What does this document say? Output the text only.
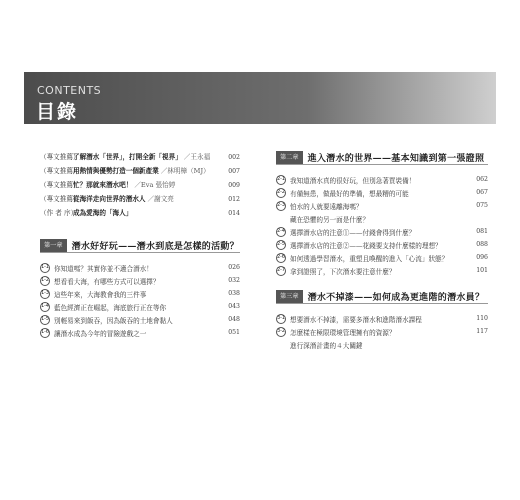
CONTENTS
目錄
（專文推薦）
了解潛水「世界」，打開全新「視界」 ／王永福	002
（專文推薦）
用熱情與優勢打造一個新產業 ／林明樟（MJ）	007
（專文推薦）
忙？那就來潛水吧！ ／Eva 張怡婷	009
（專文推薦）
從海洋走向世界的潛水人 ／謝文亮	012
（作 者 序）
成為愛海的「海人」	014
第一章	潛水好好玩——潛水到底是怎樣的活動？
1-1 你知道嗎？其實你並不適合潛水！	026
1-2 想看看大海，有哪些方式可以選擇？	032
1-3 這些年來，大海教會我的三件事	038
1-4 藍色經濟正在崛起，海底旅行正在等你	043
1-5 別輕易來到飯吞，因為飯吞的土地會黏人	048
1-6 讓潛水成為今年的冒險遊戲之一	051
第二章	進入潛水的世界——基本知識到第一張證照
2-1 我知道潛水真的很好玩，但別急著買裝備！	062
2-2 有備無患，做最好的準備，想最糟的可能	067
2-3 怕水的人就要遠離海嗎？	075
藏在恐懼的另一面是什麼？
2-4 選擇潛水店的注意①——付錢會得到什麼？	081
2-5 選擇潛水店的注意②——花錢要支持什麼樣的理想？	088
2-6 如何透過學習潛水，重塑且喚醒的進入「心流」狀態？	096
2-7 拿到證照了，下次潛水要注意什麼？	101
第三章	潛水不掉漆——如何成為更進階的潛水員？
3-1 想要潛水不掉漆，需要多潛水和進階潛水課程	110
3-2 怎麼樣在極限環境管理擁有的資源？	117
進行深潛計畫的４大關鍵
